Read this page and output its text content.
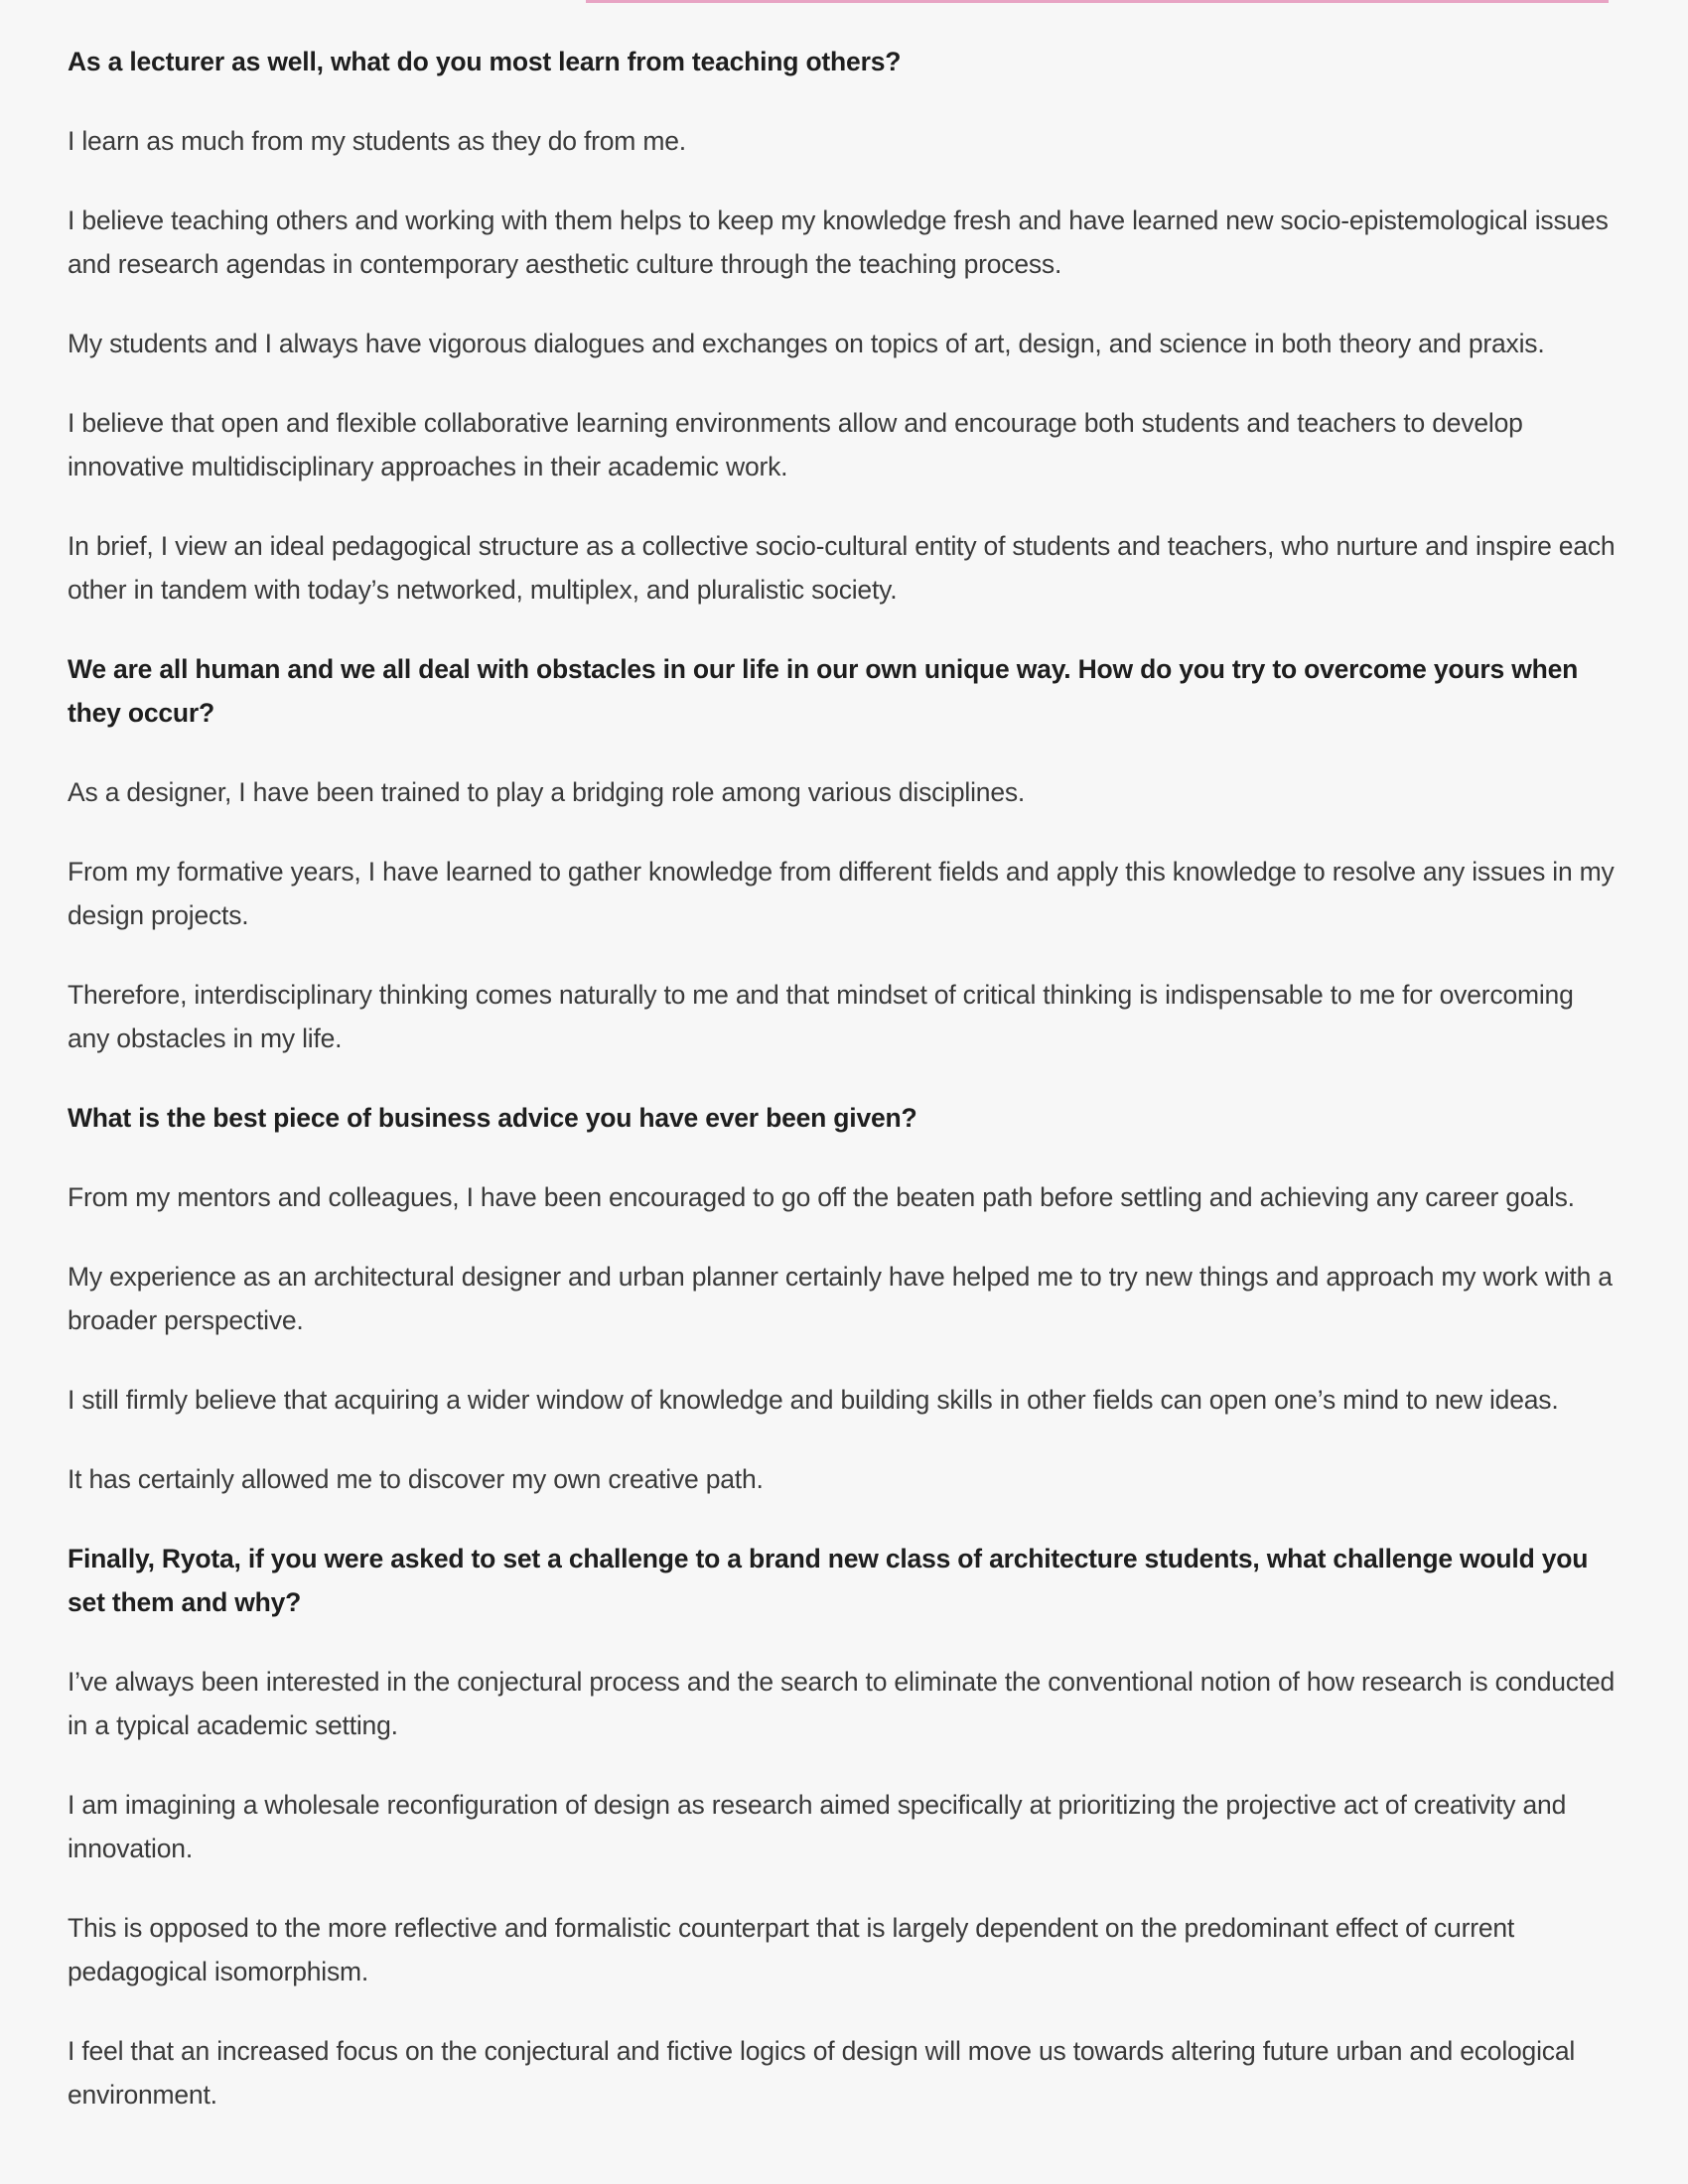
As a lecturer as well, what do you most learn from teaching others?

I learn as much from my students as they do from me.

I believe teaching others and working with them helps to keep my knowledge fresh and have learned new socio-epistemological issues and research agendas in contemporary aesthetic culture through the teaching process.

My students and I always have vigorous dialogues and exchanges on topics of art, design, and science in both theory and praxis.

I believe that open and flexible collaborative learning environments allow and encourage both students and teachers to develop innovative multidisciplinary approaches in their academic work.

In brief, I view an ideal pedagogical structure as a collective socio-cultural entity of students and teachers, who nurture and inspire each other in tandem with today’s networked, multiplex, and pluralistic society.

We are all human and we all deal with obstacles in our life in our own unique way. How do you try to overcome yours when they occur?

As a designer, I have been trained to play a bridging role among various disciplines.

From my formative years, I have learned to gather knowledge from different fields and apply this knowledge to resolve any issues in my design projects.

Therefore, interdisciplinary thinking comes naturally to me and that mindset of critical thinking is indispensable to me for overcoming any obstacles in my life.

What is the best piece of business advice you have ever been given?

From my mentors and colleagues, I have been encouraged to go off the beaten path before settling and achieving any career goals.

My experience as an architectural designer and urban planner certainly have helped me to try new things and approach my work with a broader perspective.

I still firmly believe that acquiring a wider window of knowledge and building skills in other fields can open one’s mind to new ideas.

It has certainly allowed me to discover my own creative path.

Finally, Ryota, if you were asked to set a challenge to a brand new class of architecture students, what challenge would you set them and why?

I’ve always been interested in the conjectural process and the search to eliminate the conventional notion of how research is conducted in a typical academic setting.

I am imagining a wholesale reconfiguration of design as research aimed specifically at prioritizing the projective act of creativity and innovation.

This is opposed to the more reflective and formalistic counterpart that is largely dependent on the predominant effect of current pedagogical isomorphism.

I feel that an increased focus on the conjectural and fictive logics of design will move us towards altering future urban and ecological environment.
